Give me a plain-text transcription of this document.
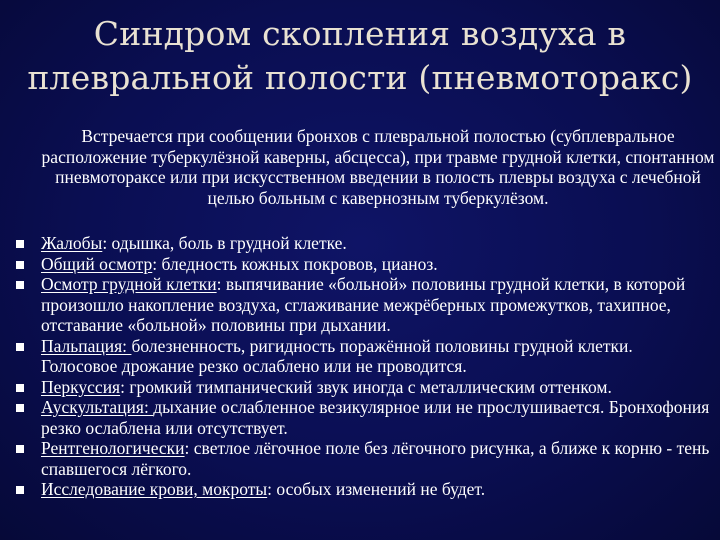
Синдром скопления воздуха в
плевральной полости (пневмоторакс)
Встречается при сообщении бронхов с плевральной полостью (субплевральное расположение туберкулёзной каверны, абсцесса), при травме грудной клетки, спонтанном пневмотораксе или при искусственном введении в полость плевры воздуха с лечебной целью больным с кавернозным туберкулёзом.
Жалобы: одышка, боль в грудной клетке.
Общий осмотр: бледность кожных покровов, цианоз.
Осмотр грудной клетки: выпячивание «больной» половины грудной клетки, в которой произошло накопление воздуха, сглаживание межрёберных промежутков, тахипное, отставание «больной» половины при дыхании.
Пальпация: болезненность, ригидность поражённой половины грудной клетки. Голосовое дрожание резко ослаблено или не проводится.
Перкуссия: громкий тимпанический звук иногда с металлическим оттенком.
Аускультация: дыхание ослабленное везикулярное или не прослушивается. Бронхофония резко ослаблена или отсутствует.
Рентгенологически: светлое лёгочное поле без лёгочного рисунка, а ближе к корню - тень спавшегося лёгкого.
Исследование крови, мокроты: особых изменений не будет.
